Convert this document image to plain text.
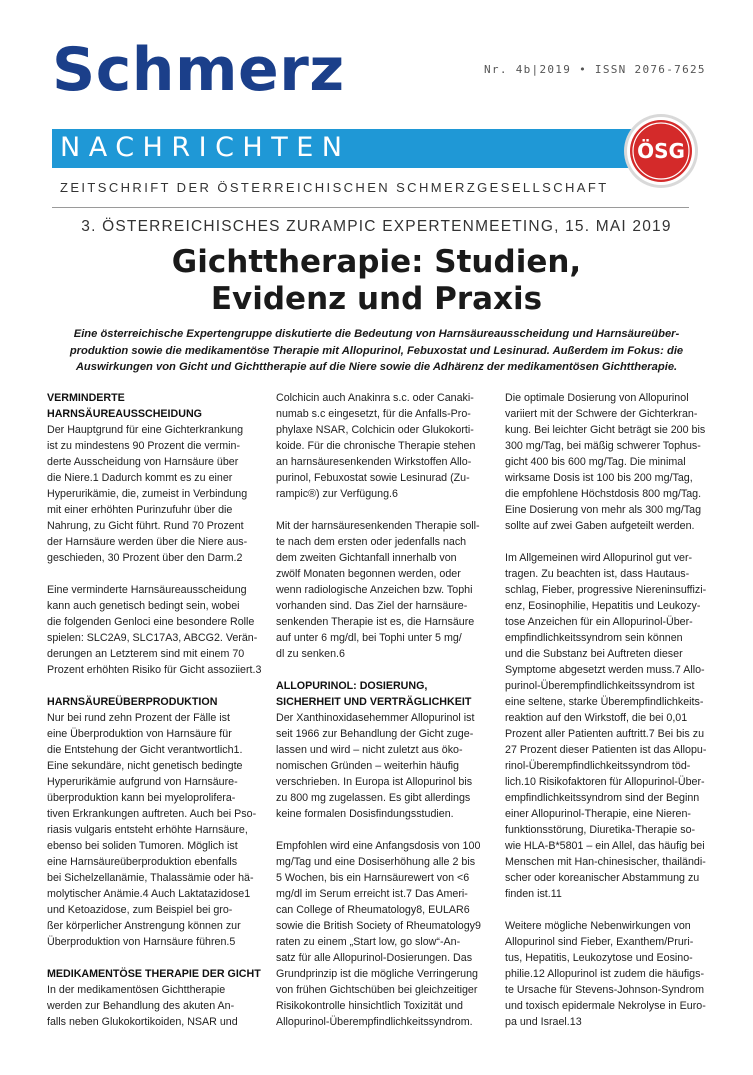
Schmerz	Nr. 4b|2019 • ISSN 2076-7625
NACHRICHTEN	ÖSG
ZEITSCHRIFT DER ÖSTERREICHISCHEN SCHMERZGESELLSCHAFT
3. ÖSTERREICHISCHES ZURAMPIC EXPERTENMEETING, 15. MAI 2019
Gichttherapie: Studien,
Evidenz und Praxis
Eine österreichische Expertengruppe diskutierte die Bedeutung von Harnsäureausscheidung und Harnsäureüber-
produktion sowie die medikamentöse Therapie mit Allopurinol, Febuxostat und Lesinurad. Außerdem im Fokus: die
Auswirkungen von Gicht und Gichttherapie auf die Niere sowie die Adhärenz der medikamentösen Gichttherapie.

VERMINDERTE

HARNSÄUREAUSSCHEIDUNG

Der Hauptgrund für eine Gichterkrankung

ist zu mindestens 90 Prozent die vermin-

derte Ausscheidung von Harnsäure über

die Niere.1 Dadurch kommt es zu einer

Hyperurikämie, die, zumeist in Verbindung

mit einer erhöhten Purinzufuhr über die

Nahrung, zu Gicht führt. Rund 70 Prozent

der Harnsäure werden über die Niere aus-

geschieden, 30 Prozent über den Darm.2

Eine verminderte Harnsäureausscheidung

kann auch genetisch bedingt sein, wobei

die folgenden Genloci eine besondere Rolle

spielen: SLC2A9, SLC17A3, ABCG2. Verän-

derungen an Letzterem sind mit einem 70

Prozent erhöhten Risiko für Gicht assoziiert.3

HARNSÄUREÜBERPRODUKTION

Nur bei rund zehn Prozent der Fälle ist

eine Überproduktion von Harnsäure für

die Entstehung der Gicht verantwortlich1.

Eine sekundäre, nicht genetisch bedingte

Hyperurikämie aufgrund von Harnsäure-

überproduktion kann bei myeloprolifera-

tiven Erkrankungen auftreten. Auch bei Pso-

riasis vulgaris entsteht erhöhte Harnsäure,

ebenso bei soliden Tumoren. Möglich ist

eine Harnsäureüberproduktion ebenfalls

bei Sichelzellanämie, Thalassämie oder hä-

molytischer Anämie.4 Auch Laktatazidose1

und Ketoazidose, zum Beispiel bei gro-

ßer körperlicher Anstrengung können zur

Überproduktion von Harnsäure führen.5

MEDIKAMENTÖSE THERAPIE DER GICHT

In der medikamentösen Gichttherapie

werden zur Behandlung des akuten An-

falls neben Glukokortikoiden, NSAR und

Colchicin auch Anakinra s.c. oder Canaki-

numab s.c eingesetzt, für die Anfalls-Pro-

phylaxe NSAR, Colchicin oder Glukokorti-

koide. Für die chronische Therapie stehen

an harnsäuresenkenden Wirkstoffen Allo-

purinol, Febuxostat sowie Lesinurad (Zu-

rampic®) zur Verfügung.6

Mit der harnsäuresenkenden Therapie soll-

te nach dem ersten oder jedenfalls nach

dem zweiten Gichtanfall innerhalb von

zwölf Monaten begonnen werden, oder

wenn radiologische Anzeichen bzw. Tophi

vorhanden sind. Das Ziel der harnsäure-

senkenden Therapie ist es, die Harnsäure

auf unter 6 mg/dl, bei Tophi unter 5 mg/

dl zu senken.6

ALLOPURINOL: DOSIERUNG,

SICHERHEIT UND VERTRÄGLICHKEIT

Der Xanthinoxidasehemmer Allopurinol ist

seit 1966 zur Behandlung der Gicht zuge-

lassen und wird – nicht zuletzt aus öko-

nomischen Gründen – weiterhin häufig

verschrieben. In Europa ist Allopurinol bis

zu 800 mg zugelassen. Es gibt allerdings

keine formalen Dosisfindungsstudien.

Empfohlen wird eine Anfangsdosis von 100

mg/Tag und eine Dosiserhöhung alle 2 bis

5 Wochen, bis ein Harnsäurewert von <6

mg/dl im Serum erreicht ist.7 Das Ameri-

can College of Rheumatology8, EULAR6

sowie die British Society of Rheumatology9

raten zu einem „Start low, go slow“-An-

satz für alle Allopurinol-Dosierungen. Das

Grundprinzip ist die mögliche Verringerung

von frühen Gichtschüben bei gleichzeitiger

Risikokontrolle hinsichtlich Toxizität und

Allopurinol-Überempfindlichkeitssyndrom.

Die optimale Dosierung von Allopurinol

variiert mit der Schwere der Gichterkran-

kung. Bei leichter Gicht beträgt sie 200 bis

300 mg/Tag, bei mäßig schwerer Tophus-

gicht 400 bis 600 mg/Tag. Die minimal

wirksame Dosis ist 100 bis 200 mg/Tag,

die empfohlene Höchstdosis 800 mg/Tag.

Eine Dosierung von mehr als 300 mg/Tag

sollte auf zwei Gaben aufgeteilt werden.

Im Allgemeinen wird Allopurinol gut ver-

tragen. Zu beachten ist, dass Hautaus-

schlag, Fieber, progressive Niereninsuffizi-

enz, Eosinophilie, Hepatitis und Leukozy-

tose Anzeichen für ein Allopurinol-Über-

empfindlichkeitssyndrom sein können

und die Substanz bei Auftreten dieser

Symptome abgesetzt werden muss.7 Allo-

purinol-Überempfindlichkeitssyndrom ist

eine seltene, starke Überempfindlichkeits-

reaktion auf den Wirkstoff, die bei 0,01

Prozent aller Patienten auftritt.7 Bei bis zu

27 Prozent dieser Patienten ist das Allopu-

rinol-Überempfindlichkeitssyndrom töd-

lich.10 Risikofaktoren für Allopurinol-Über-

empfindlichkeitssyndrom sind der Beginn

einer Allopurinol-Therapie, eine Nieren-

funktionsstörung, Diuretika-Therapie so-

wie HLA-B*5801 – ein Allel, das häufig bei

Menschen mit Han-chinesischer, thailändi-

scher oder koreanischer Abstammung zu

finden ist.11

Weitere mögliche Nebenwirkungen von

Allopurinol sind Fieber, Exanthem/Pruri-

tus, Hepatitis, Leukozytose und Eosino-

philie.12 Allopurinol ist zudem die häufigs-

te Ursache für Stevens-Johnson-Syndrom

und toxisch epidermale Nekrolyse in Euro-

pa und Israel.13
